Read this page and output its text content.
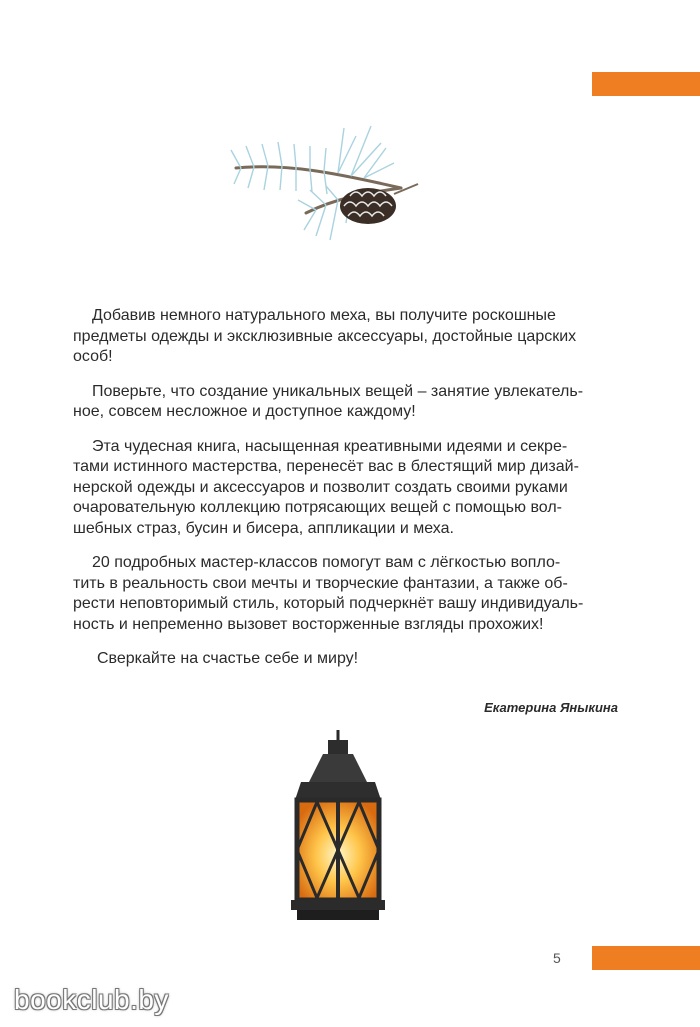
Добавив немного натурального меха, вы получите роскошные
предметы одежды и эксклюзивные аксессуары, достойные царских
особ!

Поверьте, что создание уникальных вещей – занятие увлекатель-
ное, совсем несложное и доступное каждому!

Эта чудесная книга, насыщенная креативными идеями и секре-
тами истинного мастерства, перенесёт вас в блестящий мир дизай-
нерской одежды и аксессуаров и позволит создать своими руками
очаровательную коллекцию потрясающих вещей с помощью вол-
шебных страз, бусин и бисера, аппликации и меха.

20 подробных мастер-классов помогут вам с лёгкостью вопло-
тить в реальность свои мечты и творческие фантазии, а также об-
рести неповторимый стиль, который подчеркнёт вашу индивидуаль-
ность и непременно вызовет восторженные взгляды прохожих!

Сверкайте на счастье себе и миру!

Екатерина Яныкина
5
bookclub.by
